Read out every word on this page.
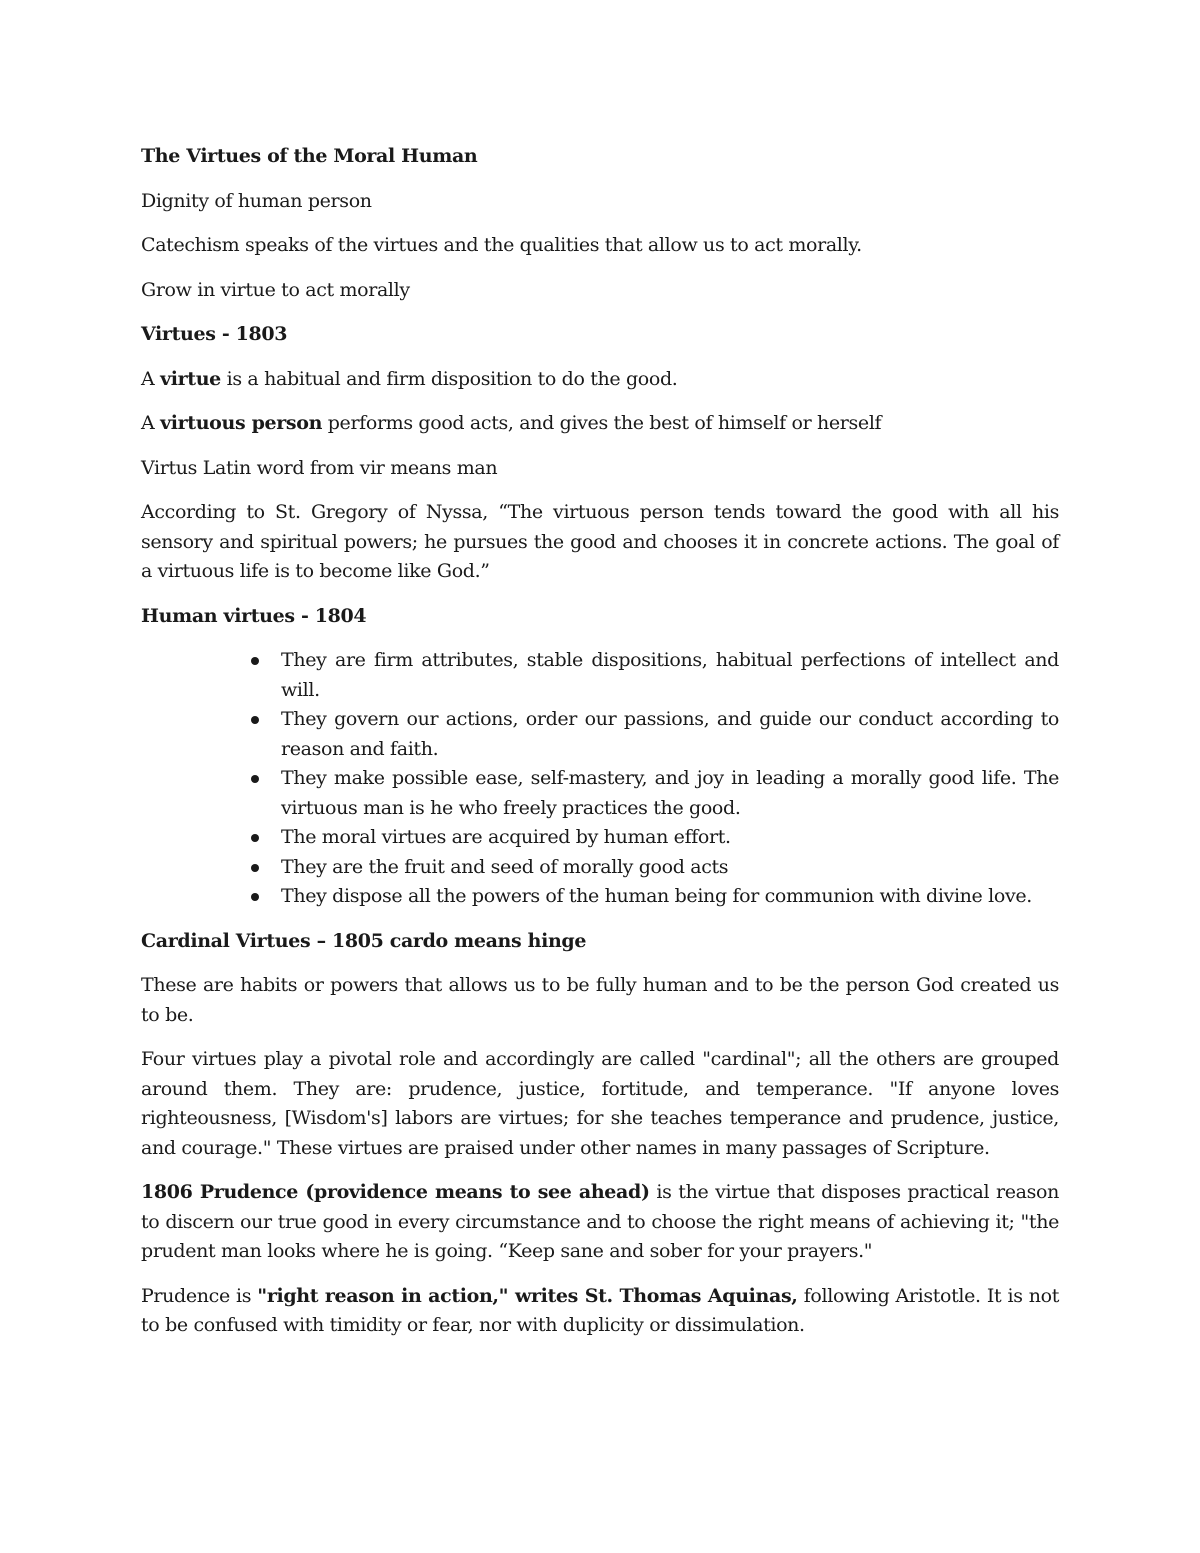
The Virtues of the Moral Human

Dignity of human person

Catechism speaks of the virtues and the qualities that allow us to act morally.

Grow in virtue to act morally

Virtues - 1803

A virtue is a habitual and firm disposition to do the good.

A virtuous person performs good acts, and gives the best of himself or herself

Virtus Latin word from vir means man

According to St. Gregory of Nyssa, “The virtuous person tends toward the good with all his sensory and spiritual powers; he pursues the good and chooses it in concrete actions. The goal of a virtuous life is to become like God.”

Human virtues - 1804

They are firm attributes, stable dispositions, habitual perfections of intellect and will.
They govern our actions, order our passions, and guide our conduct according to reason and faith.
They make possible ease, self-mastery, and joy in leading a morally good life. The virtuous man is he who freely practices the good.
The moral virtues are acquired by human effort.
They are the fruit and seed of morally good acts
They dispose all the powers of the human being for communion with divine love.

Cardinal Virtues – 1805 cardo means hinge

These are habits or powers that allows us to be fully human and to be the person God created us to be.

Four virtues play a pivotal role and accordingly are called "cardinal"; all the others are grouped around them. They are: prudence, justice, fortitude, and temperance. "If anyone loves righteousness, [Wisdom's] labors are virtues; for she teaches temperance and prudence, justice, and courage." These virtues are praised under other names in many passages of Scripture.

1806 Prudence (providence means to see ahead) is the virtue that disposes practical reason to discern our true good in every circumstance and to choose the right means of achieving it; "the prudent man looks where he is going. “Keep sane and sober for your prayers."

Prudence is "right reason in action," writes St. Thomas Aquinas, following Aristotle. It is not to be confused with timidity or fear, nor with duplicity or dissimulation.
